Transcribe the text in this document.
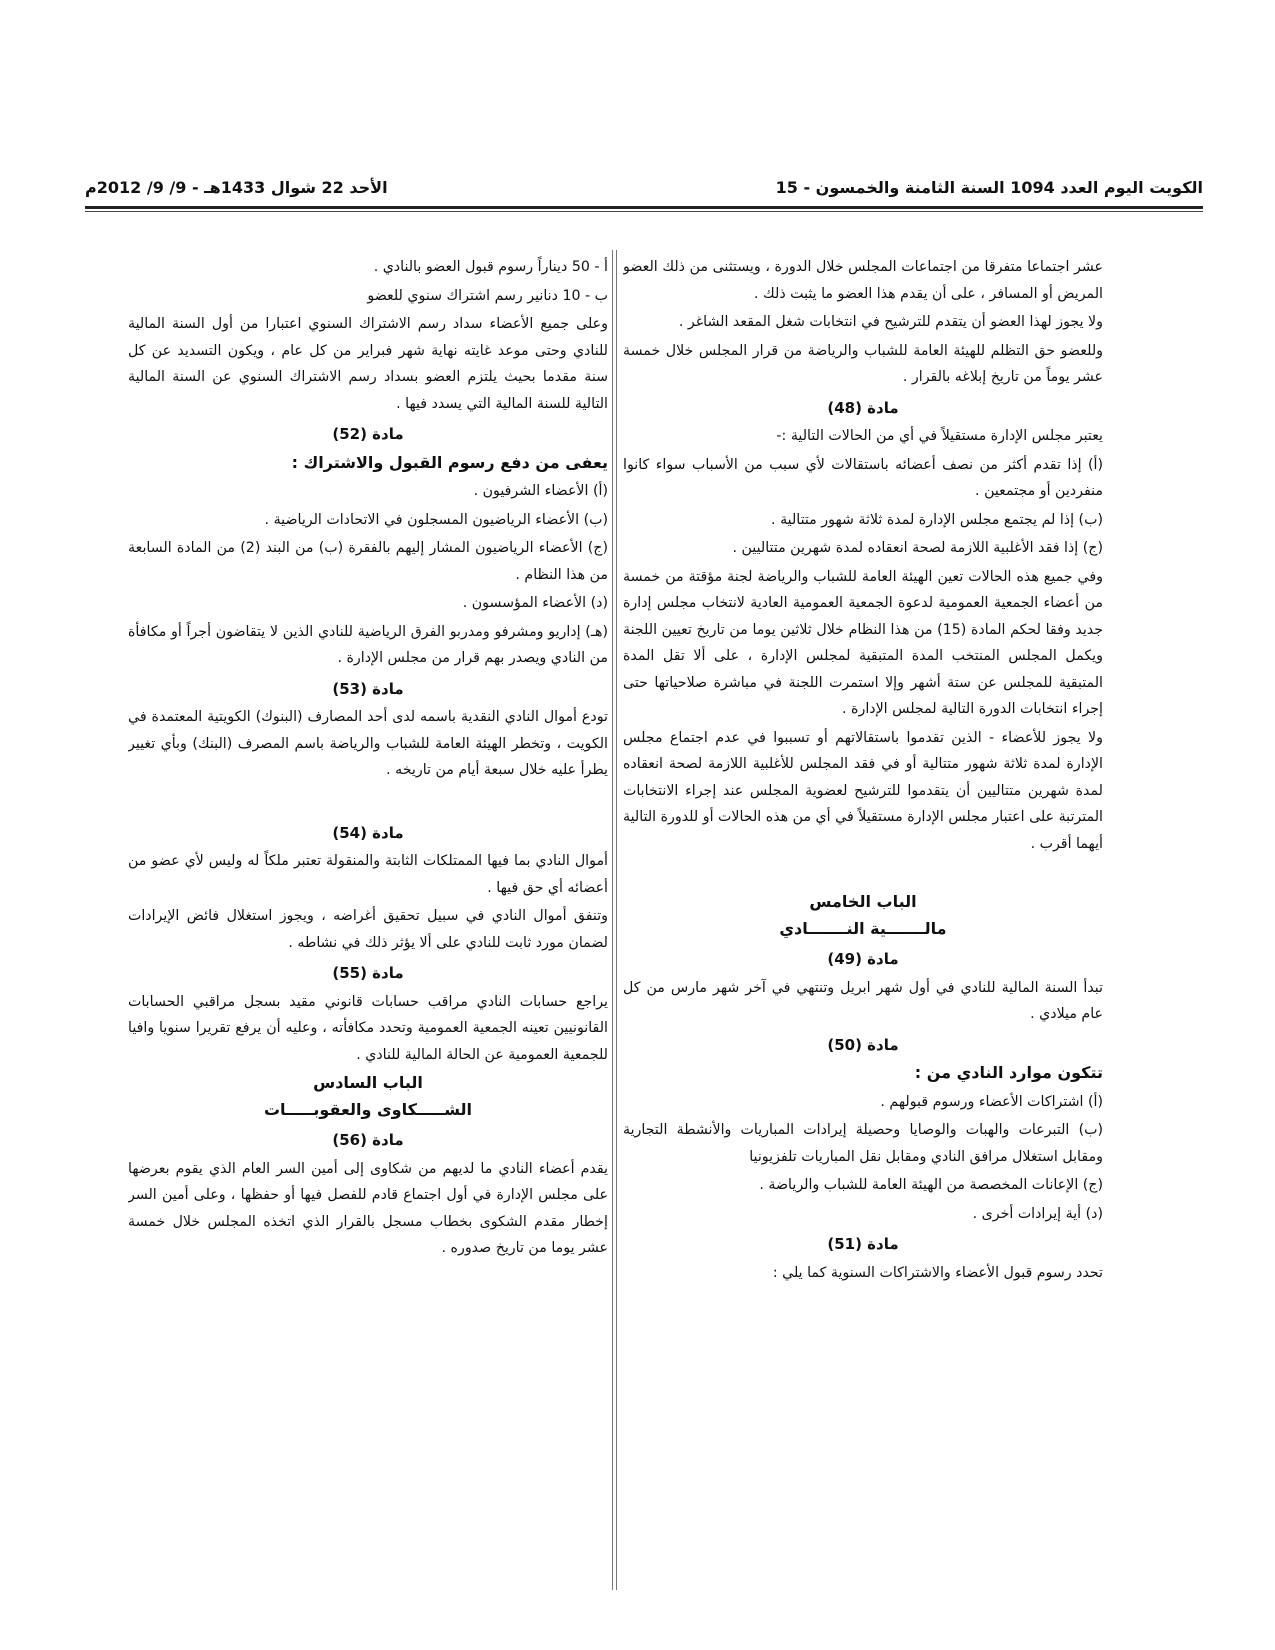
الكويت اليوم العدد 1094 السنة الثامنة والخمسون - 15
الأحد 22 شوال 1433هـ - 9/ 9/ 2012م
عشر اجتماعا متفرقا من اجتماعات المجلس خلال الدورة ، ويستثنى من ذلك العضو المريض أو المسافر ، على أن يقدم هذا العضو ما يثبت ذلك .
ولا يجوز لهذا العضو أن يتقدم للترشيح في انتخابات شغل المقعد الشاغر .
وللعضو حق التظلم للهيئة العامة للشباب والرياضة من قرار المجلس خلال خمسة عشر يوماً من تاريخ إبلاغه بالقرار .
مادة (48)
يعتبر مجلس الإدارة مستقيلاً في أي من الحالات التالية :-
(أ) إذا تقدم أكثر من نصف أعضائه باستقالات لأي سبب من الأسباب سواء كانوا منفردين أو مجتمعين .
(ب) إذا لم يجتمع مجلس الإدارة لمدة ثلاثة شهور متتالية .
(ج) إذا فقد الأغلبية اللازمة لصحة انعقاده لمدة شهرين متتاليين .
وفي جميع هذه الحالات تعين الهيئة العامة للشباب والرياضة لجنة مؤقتة من خمسة من أعضاء الجمعية العمومية لدعوة الجمعية العمومية العادية لانتخاب مجلس إدارة جديد وفقا لحكم المادة (15) من هذا النظام خلال ثلاثين يوما من تاريخ تعيين اللجنة ويكمل المجلس المنتخب المدة المتبقية لمجلس الإدارة ، على ألا تقل المدة المتبقية للمجلس عن ستة أشهر وإلا استمرت اللجنة في مباشرة صلاحياتها حتى إجراء انتخابات الدورة التالية لمجلس الإدارة .
ولا يجوز للأعضاء - الذين تقدموا باستقالاتهم أو تسببوا في عدم اجتماع مجلس الإدارة لمدة ثلاثة شهور متتالية أو في فقد المجلس للأغلبية اللازمة لصحة انعقاده لمدة شهرين متتاليين أن يتقدموا للترشيح لعضوية المجلس عند إجراء الانتخابات المترتبة على اعتبار مجلس الإدارة مستقيلاً في أي من هذه الحالات أو للدورة التالية أيهما أقرب .
الباب الخامس
مالـــــــية النـــــــادي
مادة (49)
تبدأ السنة المالية للنادي في أول شهر ابريل وتنتهي في آخر شهر مارس من كل عام ميلادي .
مادة (50)
تتكون موارد النادي من :
(أ) اشتراكات الأعضاء ورسوم قبولهم .
(ب) التبرعات والهبات والوصايا وحصيلة إيرادات المباريات والأنشطة التجارية ومقابل استغلال مرافق النادي ومقابل نقل المباريات تلفزيونيا
(ج) الإعانات المخصصة من الهيئة العامة للشباب والرياضة .
(د) أية إيرادات أخرى .
مادة (51)
تحدد رسوم قبول الأعضاء والاشتراكات السنوية كما يلي :
أ - 50 ديناراً رسوم قبول العضو بالنادي .
ب - 10 دنانير رسم اشتراك سنوي للعضو
وعلى جميع الأعضاء سداد رسم الاشتراك السنوي اعتبارا من أول السنة المالية للنادي وحتى موعد غايته نهاية شهر فبراير من كل عام ، ويكون التسديد عن كل سنة مقدما بحيث يلتزم العضو بسداد رسم الاشتراك السنوي عن السنة المالية التالية للسنة المالية التي يسدد فيها .
مادة (52)
يعفى من دفع رسوم القبول والاشتراك :
(أ) الأعضاء الشرفيون .
(ب) الأعضاء الرياضيون المسجلون في الاتحادات الرياضية .
(ج) الأعضاء الرياضيون المشار إليهم بالفقرة (ب) من البند (2) من المادة السابعة من هذا النظام .
(د) الأعضاء المؤسسون .
(هـ) إداريو ومشرفو ومدربو الفرق الرياضية للنادي الذين لا يتقاضون أجراً أو مكافأة من النادي ويصدر بهم قرار من مجلس الإدارة .
مادة (53)
تودع أموال النادي النقدية باسمه لدى أحد المصارف (البنوك) الكويتية المعتمدة في الكويت ، وتخطر الهيئة العامة للشباب والرياضة باسم المصرف (البنك) وبأي تغيير يطرأ عليه خلال سبعة أيام من تاريخه .
مادة (54)
أموال النادي بما فيها الممتلكات الثابتة والمنقولة تعتبر ملكاً له وليس لأي عضو من أعضائه أي حق فيها .
وتنفق أموال النادي في سبيل تحقيق أغراضه ، ويجوز استغلال فائض الإيرادات لضمان مورد ثابت للنادي على ألا يؤثر ذلك في نشاطه .
مادة (55)
يراجع حسابات النادي مراقب حسابات قانوني مقيد بسجل مراقبي الحسابات القانونيين تعينه الجمعية العمومية وتحدد مكافأته ، وعليه أن يرفع تقريرا سنويا وافيا للجمعية العمومية عن الحالة المالية للنادي .
الباب السادس
الشـــــكاوى والعقوبـــــات
مادة (56)
يقدم أعضاء النادي ما لديهم من شكاوى إلى أمين السر العام الذي يقوم بعرضها على مجلس الإدارة في أول اجتماع قادم للفصل فيها أو حفظها ، وعلى أمين السر إخطار مقدم الشكوى بخطاب مسجل بالقرار الذي اتخذه المجلس خلال خمسة عشر يوما من تاريخ صدوره .
